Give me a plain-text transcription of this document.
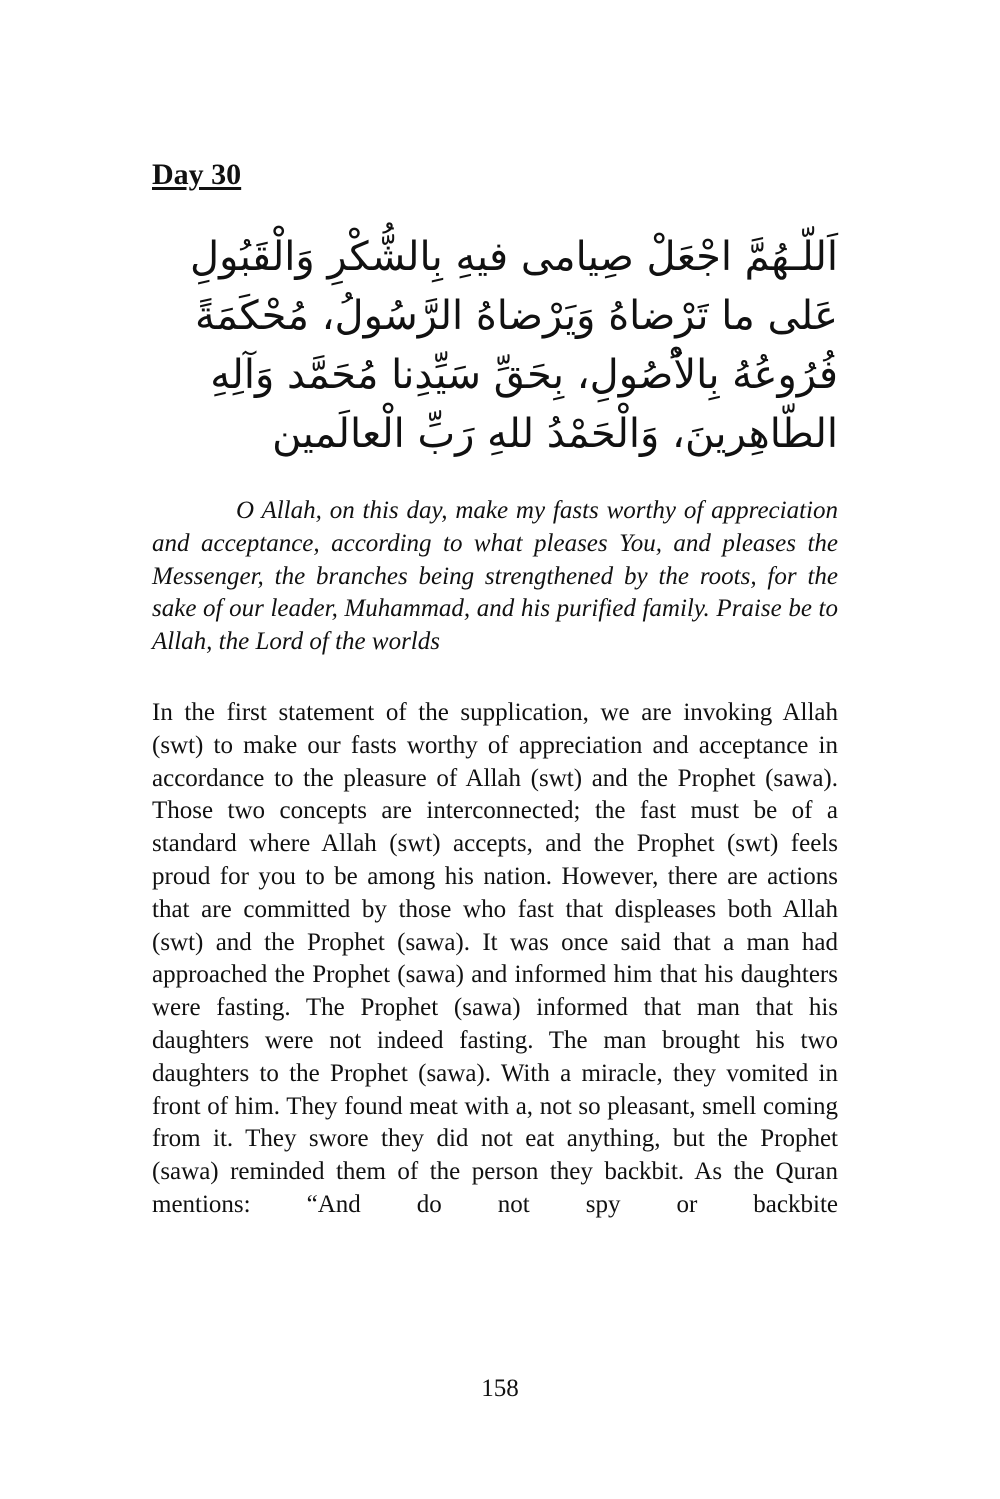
Day 30
اَللّـهُمَّ اجْعَلْ صِيامى فيهِ بِالشُّكْرِ وَالْقَبُولِ
عَلى ما تَرْضاهُ وَيَرْضاهُ الرَّسُولُ، مُحْكَمَةً
فُرُوعُهُ بِالاُْصُولِ، بِحَقِّ سَيِّدِنا مُحَمَّد وَآلِهِ
الطّاهِرينَ، وَالْحَمْدُ للهِ رَبِّ الْعالَمين

O Allah, on this day, make my fasts worthy of appreciation and acceptance, according to what pleases You, and pleases the Messenger, the branches being strengthened by the roots, for the sake of our leader, Muhammad, and his purified family. Praise be to Allah, the Lord of the worlds

In the first statement of the supplication, we are invoking Allah (swt) to make our fasts worthy of appreciation and acceptance in accordance to the pleasure of Allah (swt) and the Prophet (sawa). Those two concepts are interconnected; the fast must be of a standard where Allah (swt) accepts, and the Prophet (swt) feels proud for you to be among his nation. However, there are actions that are committed by those who fast that displeases both Allah (swt) and the Prophet (sawa). It was once said that a man had approached the Prophet (sawa) and informed him that his daughters were fasting. The Prophet (sawa) informed that man that his daughters were not indeed fasting. The man brought his two daughters to the Prophet (sawa). With a miracle, they vomited in front of him. They found meat with a, not so pleasant, smell coming from it. They swore they did not eat anything, but the Prophet (sawa) reminded them of the person they backbit. As the Quran mentions: “And do not spy or backbite

158
